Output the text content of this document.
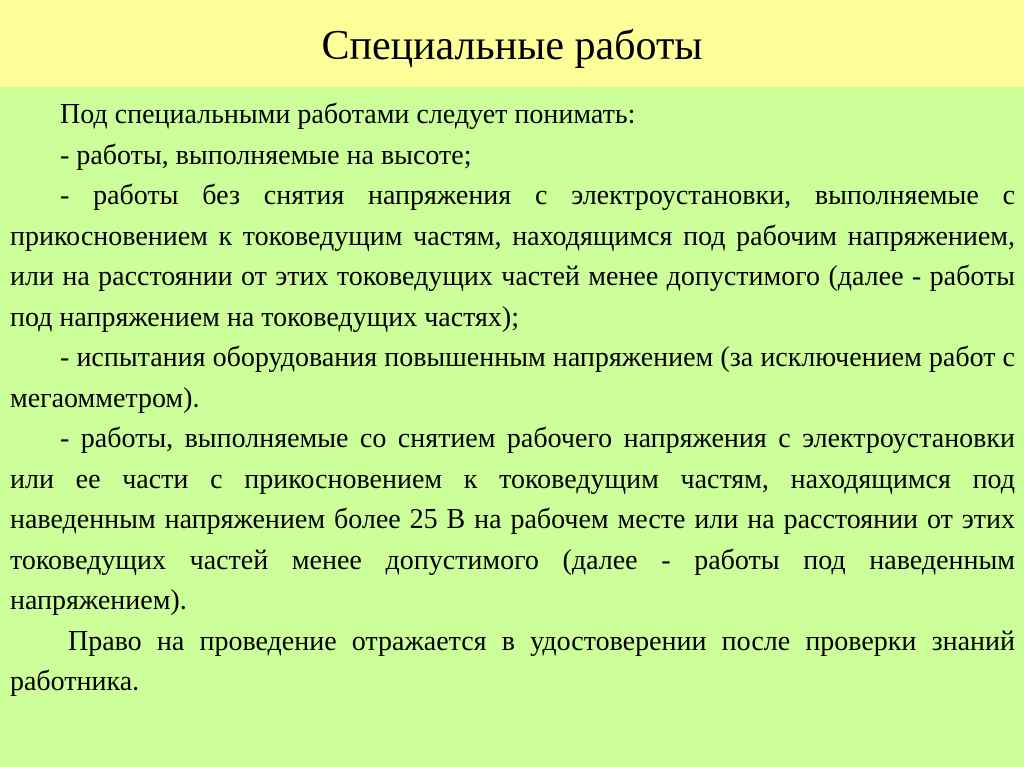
Специальные работы

Под специальными работами следует понимать:

- работы, выполняемые на высоте;

- работы без снятия напряжения с электроустановки, выполняемые с прикосновением к токоведущим частям, находящимся под рабочим напряжением, или на расстоянии от этих токоведущих частей менее допустимого (далее - работы под напряжением на токоведущих частях);

- испытания оборудования повышенным напряжением (за исключением работ с мегаомметром).

- работы, выполняемые со снятием рабочего напряжения с электроустановки или ее части с прикосновением к токоведущим частям, находящимся под наведенным напряжением более 25 В на рабочем месте или на расстоянии от этих токоведущих частей менее допустимого (далее - работы под наведенным напряжением).

Право на проведение отражается в удостоверении после проверки знаний работника.
